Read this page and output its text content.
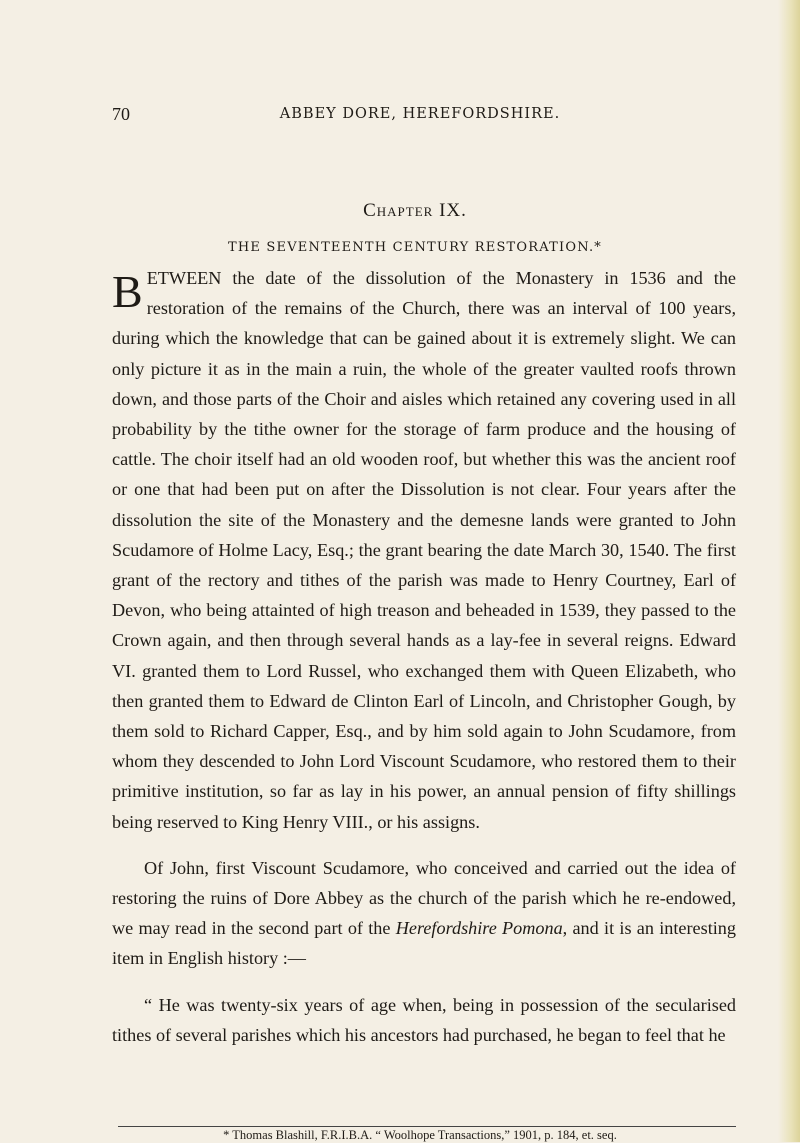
70	ABBEY DORE, HEREFORDSHIRE.
Chapter IX.
THE SEVENTEENTH CENTURY RESTORATION.*

BETWEEN the date of the dissolution of the Monastery in 1536 and the restoration of the remains of the Church, there was an interval of 100 years, during which the knowledge that can be gained about it is extremely slight. We can only picture it as in the main a ruin, the whole of the greater vaulted roofs thrown down, and those parts of the Choir and aisles which retained any covering used in all probability by the tithe owner for the storage of farm produce and the housing of cattle. The choir itself had an old wooden roof, but whether this was the ancient roof or one that had been put on after the Dissolution is not clear. Four years after the dissolution the site of the Monastery and the demesne lands were granted to John Scudamore of Holme Lacy, Esq.; the grant bearing the date March 30, 1540. The first grant of the rectory and tithes of the parish was made to Henry Courtney, Earl of Devon, who being attainted of high treason and beheaded in 1539, they passed to the Crown again, and then through several hands as a lay-fee in several reigns. Edward VI. granted them to Lord Russel, who exchanged them with Queen Elizabeth, who then granted them to Edward de Clinton Earl of Lincoln, and Christopher Gough, by them sold to Richard Capper, Esq., and by him sold again to John Scudamore, from whom they descended to John Lord Viscount Scudamore, who restored them to their primitive institution, so far as lay in his power, an annual pension of fifty shillings being reserved to King Henry VIII., or his assigns.

Of John, first Viscount Scudamore, who conceived and carried out the idea of restoring the ruins of Dore Abbey as the church of the parish which he re-endowed, we may read in the second part of the Herefordshire Pomona, and it is an interesting item in English history :—

“ He was twenty-six years of age when, being in possession of the secularised tithes of several parishes which his ancestors had purchased, he began to feel that he

* Thomas Blashill, F.R.I.B.A. “ Woolhope Transactions,” 1901, p. 184, et. seq.
